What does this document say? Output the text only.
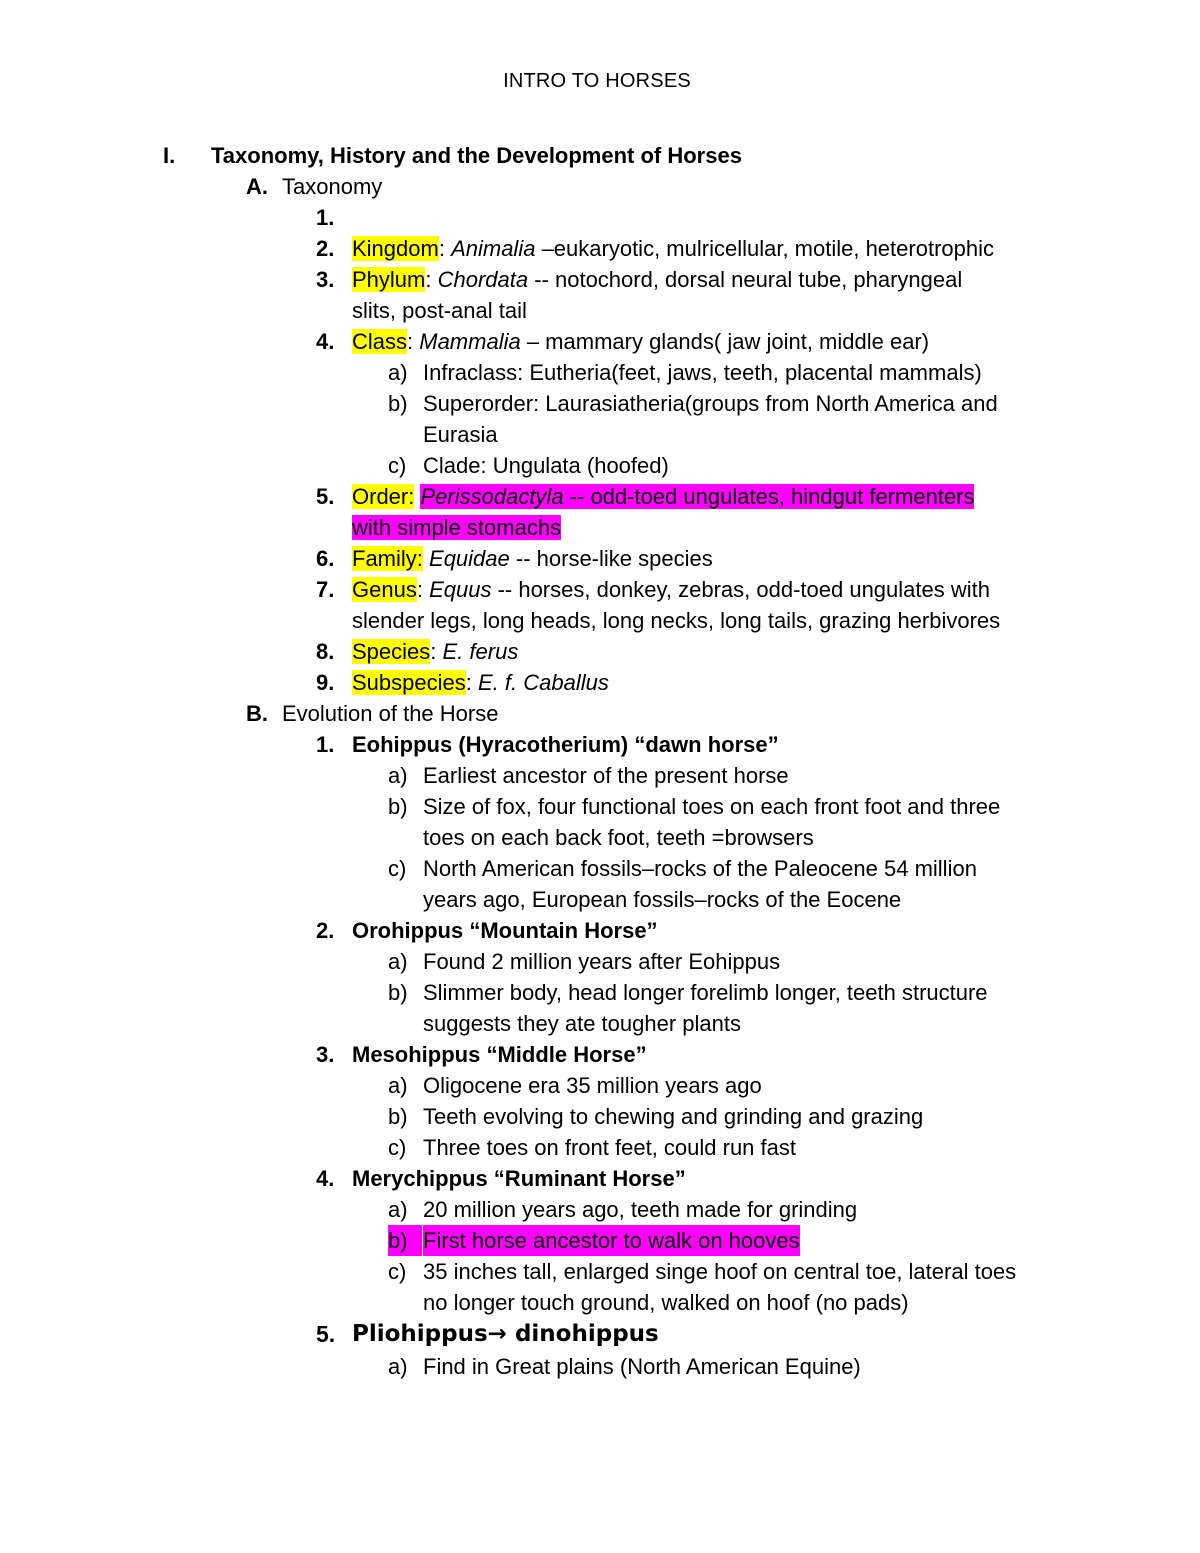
INTRO TO HORSES
I. Taxonomy, History and the Development of Horses
A. Taxonomy
1.
2. Kingdom: Animalia –eukaryotic, mulricellular, motile, heterotrophic
3. Phylum: Chordata -- notochord, dorsal neural tube, pharyngeal
slits, post-anal tail
4. Class: Mammalia – mammary glands( jaw joint, middle ear)
a) Infraclass: Eutheria(feet, jaws, teeth, placental mammals)
b) Superorder: Laurasiatheria(groups from North America and
Eurasia
c) Clade: Ungulata (hoofed)
5. Order: Perissodactyla -- odd-toed ungulates, hindgut fermenters
with simple stomachs
6. Family: Equidae -- horse-like species
7. Genus: Equus -- horses, donkey, zebras, odd-toed ungulates with
slender legs, long heads, long necks, long tails, grazing herbivores
8. Species: E. ferus
9. Subspecies: E. f. Caballus
B. Evolution of the Horse
1. Eohippus (Hyracotherium) “dawn horse”
a) Earliest ancestor of the present horse
b) Size of fox, four functional toes on each front foot and three
toes on each back foot, teeth =browsers
c) North American fossils–rocks of the Paleocene 54 million
years ago, European fossils–rocks of the Eocene
2. Orohippus “Mountain Horse”
a) Found 2 million years after Eohippus
b) Slimmer body, head longer forelimb longer, teeth structure
suggests they ate tougher plants
3. Mesohippus “Middle Horse”
a) Oligocene era 35 million years ago
b) Teeth evolving to chewing and grinding and grazing
c) Three toes on front feet, could run fast
4. Merychippus “Ruminant Horse”
a) 20 million years ago, teeth made for grinding
b) First horse ancestor to walk on hooves
c) 35 inches tall, enlarged singe hoof on central toe, lateral toes
no longer touch ground, walked on hoof (no pads)
5. Pliohippus→ dinohippus
a) Find in Great plains (North American Equine)
